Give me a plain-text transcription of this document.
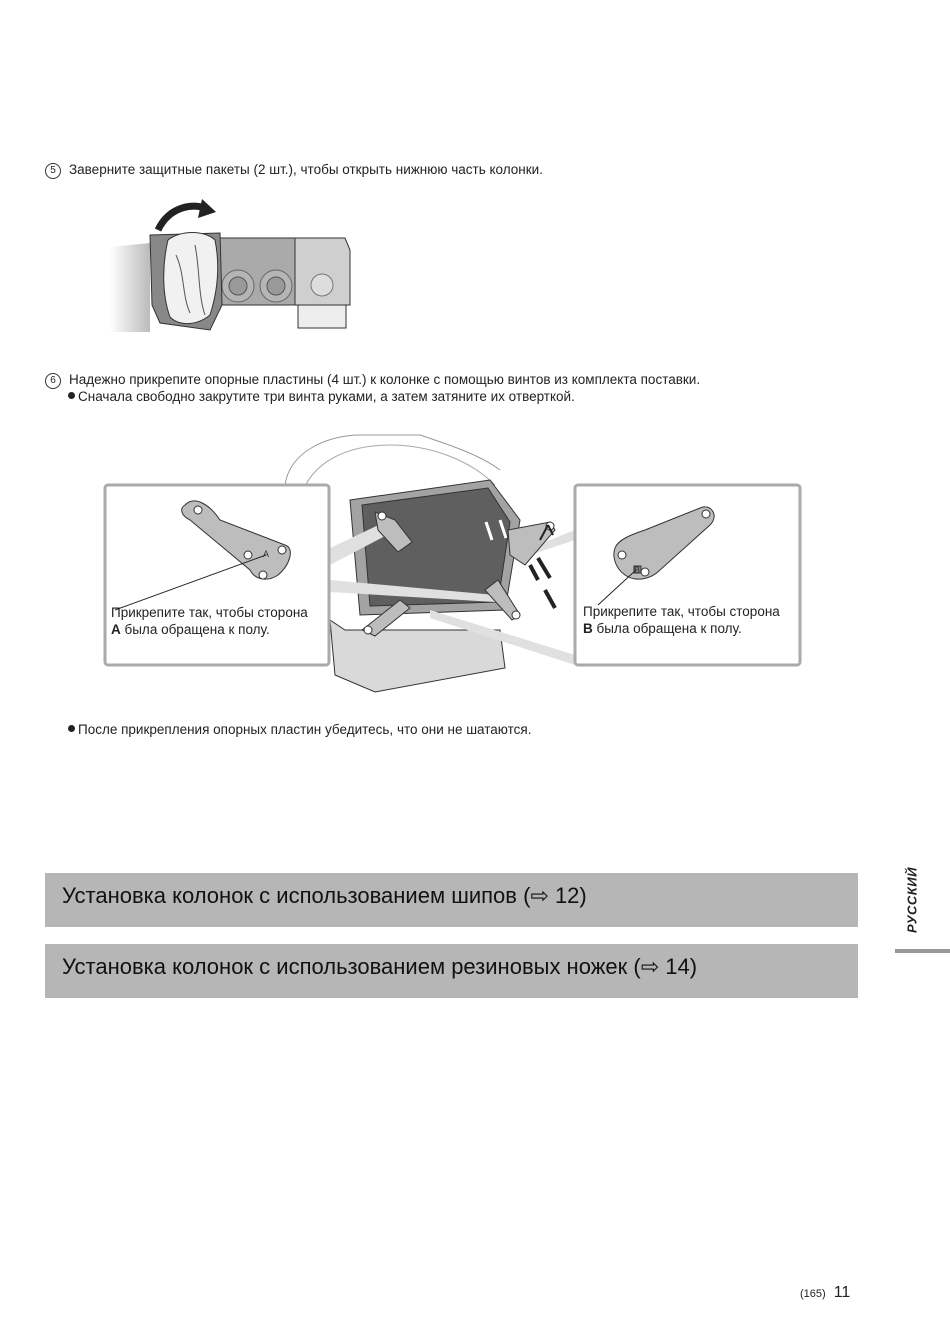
5 Заверните защитные пакеты (2 шт.), чтобы открыть нижнюю часть колонки.
6 Надежно прикрепите опорные пластины (4 шт.) к колонке с помощью винтов из комплекта поставки.
Сначала свободно закрутите три винта руками, а затем затяните их отверткой.
Прикрепите так, чтобы сторона
A была обращена к полу.
A
Прикрепите так, чтобы сторона
B была обращена к полу.
B
После прикрепления опорных пластин убедитесь, что они не шатаются.
Установка колонок с использованием шипов (⇨ 12)
Установка колонок с использованием резиновых ножек (⇨ 14)
РУССКИЙ
(165) 11
